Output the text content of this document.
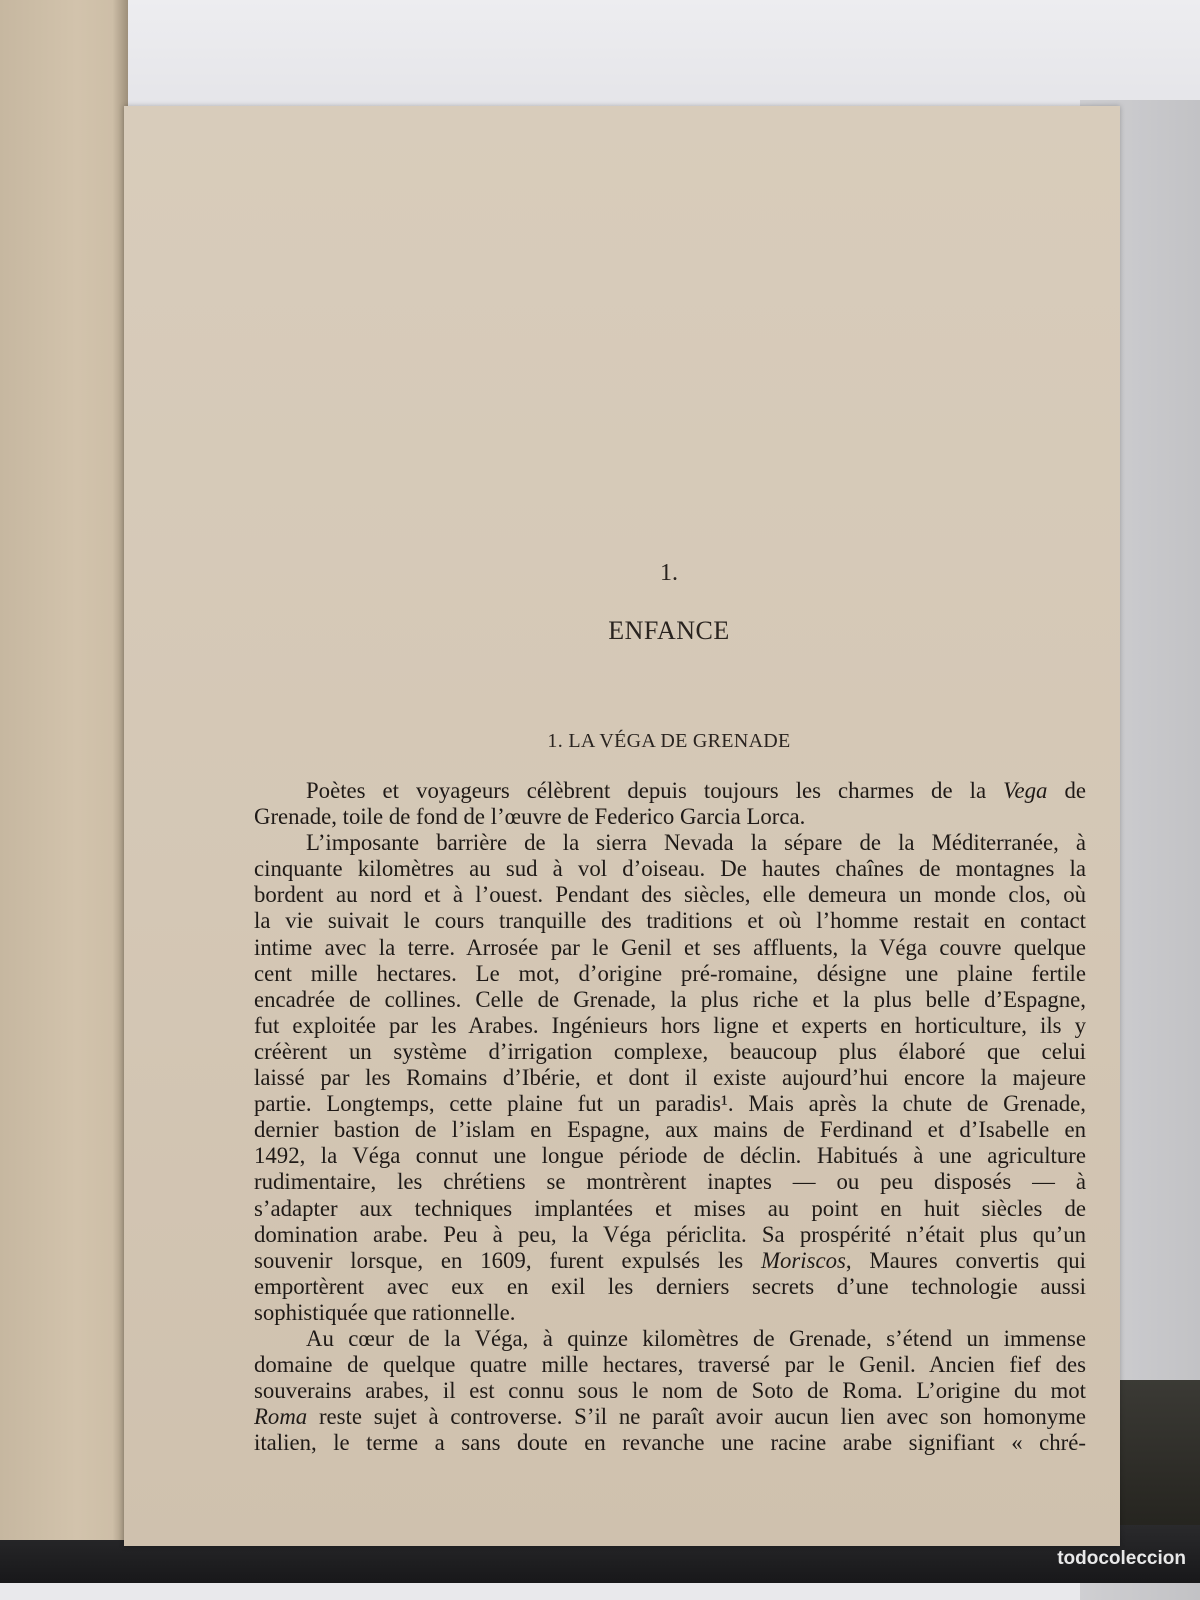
1.
ENFANCE
1. LA VÉGA DE GRENADE
Poètes et voyageurs célèbrent depuis toujours les charmes de la Vega de
Grenade, toile de fond de l’œuvre de Federico Garcia Lorca.
L’imposante barrière de la sierra Nevada la sépare de la Méditerranée, à
cinquante kilomètres au sud à vol d’oiseau. De hautes chaînes de montagnes la
bordent au nord et à l’ouest. Pendant des siècles, elle demeura un monde clos, où
la vie suivait le cours tranquille des traditions et où l’homme restait en contact
intime avec la terre. Arrosée par le Genil et ses affluents, la Véga couvre quelque
cent mille hectares. Le mot, d’origine pré-romaine, désigne une plaine fertile
encadrée de collines. Celle de Grenade, la plus riche et la plus belle d’Espagne,
fut exploitée par les Arabes. Ingénieurs hors ligne et experts en horticulture, ils y
créèrent un système d’irrigation complexe, beaucoup plus élaboré que celui
laissé par les Romains d’Ibérie, et dont il existe aujourd’hui encore la majeure
partie. Longtemps, cette plaine fut un paradis¹. Mais après la chute de Grenade,
dernier bastion de l’islam en Espagne, aux mains de Ferdinand et d’Isabelle en
1492, la Véga connut une longue période de déclin. Habitués à une agriculture
rudimentaire, les chrétiens se montrèrent inaptes — ou peu disposés — à
s’adapter aux techniques implantées et mises au point en huit siècles de
domination arabe. Peu à peu, la Véga périclita. Sa prospérité n’était plus qu’un
souvenir lorsque, en 1609, furent expulsés les Moriscos, Maures convertis qui
emportèrent avec eux en exil les derniers secrets d’une technologie aussi
sophistiquée que rationnelle.
Au cœur de la Véga, à quinze kilomètres de Grenade, s’étend un immense
domaine de quelque quatre mille hectares, traversé par le Genil. Ancien fief des
souverains arabes, il est connu sous le nom de Soto de Roma. L’origine du mot
Roma reste sujet à controverse. S’il ne paraît avoir aucun lien avec son homonyme
italien, le terme a sans doute en revanche une racine arabe signifiant « chré-
todocoleccion
